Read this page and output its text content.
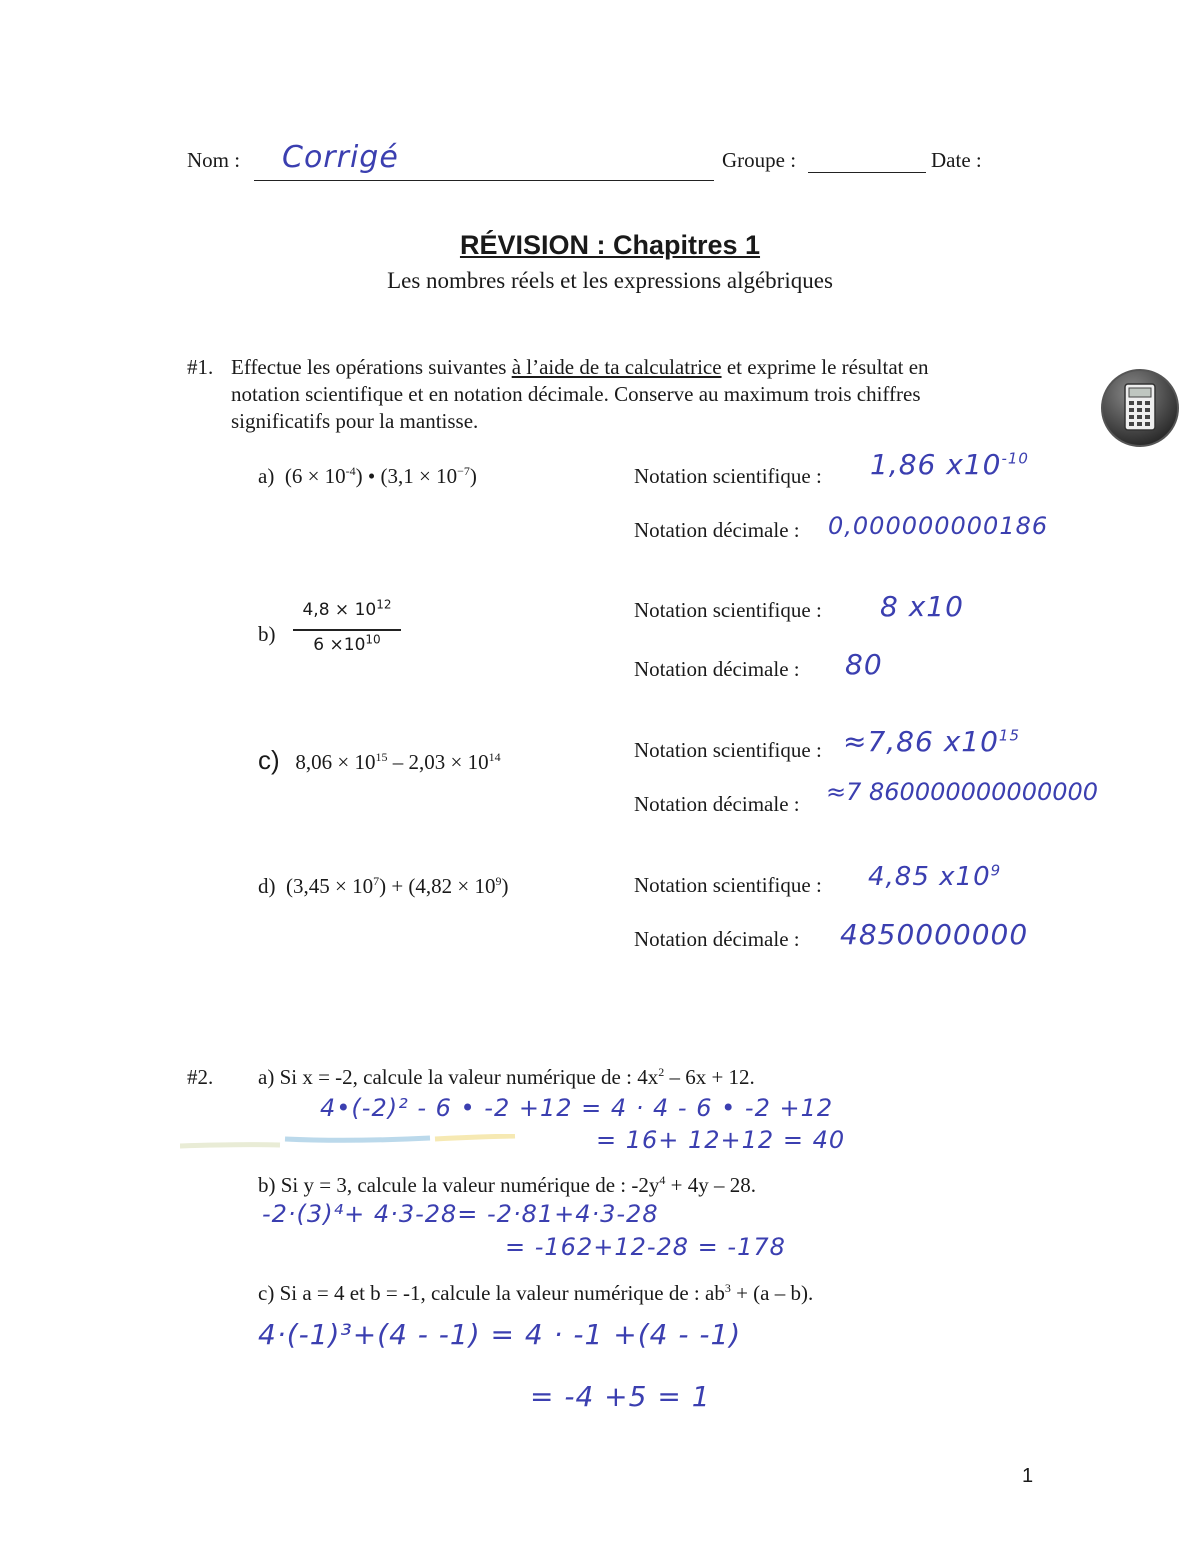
Nom : Corrigé	Groupe :	Date :
RÉVISION : Chapitres 1
Les nombres réels et les expressions algébriques
#1. Effectue les opérations suivantes à l’aide de ta calculatrice et exprime le résultat en
notation scientifique et en notation décimale. Conserve au maximum trois chiffres
significatifs pour la mantisse.
a) $(6 \times 10^{-4})$ • $(3,1 \times 10^{-7})$	Notation scientifique : 1,86 $x10^{-10}$
Notation décimale : 0,000000000186
b)
$4,8 \times 10^{12}$
$6 \times 10^{10}$
Notation scientifique : 8 x10
Notation décimale : 80
c) $8,06 \times 10^{15} - 2,03 \times 10^{14}$	Notation scientifique : ≈7,86 $x10^{15}$
Notation décimale : ≈7 860000000000000
d) $(3,45 \times 10^7) + (4,82 \times 10^9)$	Notation scientifique : 4,85 $x10^9$
Notation décimale : 4850000000
#2. a) Si x = -2, calcule la valeur numérique de : $4x^2 - 6x + 12$.
4•(-2)² - 6 • -2 +12 = 4 · 4 - 6 • -2 +12
= 16+ 12+12 = 40
b) Si y = 3, calcule la valeur numérique de : $-2y^4 + 4y - 28$.
-2·(3)⁴+ 4·3-28= -2·81+4·3-28
= -162+12-28 = -178
c) Si a = 4 et b = -1, calcule la valeur numérique de : $ab^3 + (a - b)$.
4·(-1)³+(4 - -1) = 4 · -1 +(4 - -1)
= -4 +5 = 1
1
